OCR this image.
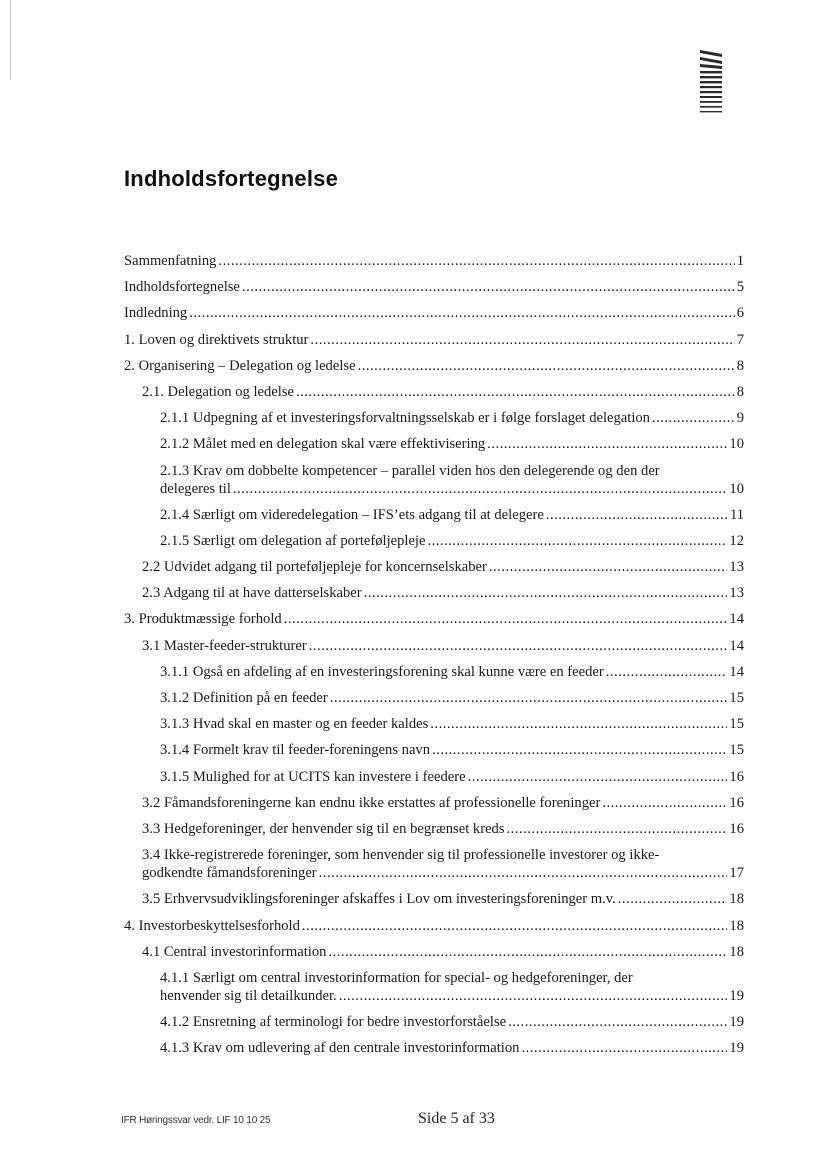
Indholdsfortegnelse
Sammenfatning .....	1
Indholdsfortegnelse .....	5
Indledning .....	6
1. Loven og direktivets struktur .....	7
2. Organisering – Delegation og ledelse .....	8
2.1. Delegation og ledelse .....	8
2.1.1 Udpegning af et investeringsforvaltningsselskab er i følge forslaget delegation .....	9
2.1.2 Målet med en delegation skal være effektivisering .....	10
2.1.3 Krav om dobbelte kompetencer – parallel viden hos den delegerende og den der
delegeres til .....	10
2.1.4 Særligt om videredelegation – IFS’ets adgang til at delegere .....	11
2.1.5 Særligt om delegation af porteføljepleje .....	12
2.2 Udvidet adgang til porteføljepleje for koncernselskaber .....	13
2.3 Adgang til at have datterselskaber .....	13
3. Produktmæssige forhold .....	14
3.1 Master-feeder-strukturer .....	14
3.1.1 Også en afdeling af en investeringsforening skal kunne være en feeder .....	14
3.1.2 Definition på en feeder .....	15
3.1.3 Hvad skal en master og en feeder kaldes .....	15
3.1.4 Formelt krav til feeder-foreningens navn .....	15
3.1.5 Mulighed for at UCITS kan investere i feedere .....	16
3.2 Fåmandsforeningerne kan endnu ikke erstattes af professionelle foreninger .....	16
3.3 Hedgeforeninger, der henvender sig til en begrænset kreds .....	16
3.4 Ikke-registrerede foreninger, som henvender sig til professionelle investorer og ikke-
godkendte fåmandsforeninger .....	17
3.5 Erhvervsudviklingsforeninger afskaffes i Lov om investeringsforeninger m.v. .....	18
4. Investorbeskyttelsesforhold .....	18
4.1 Central investorinformation .....	18
4.1.1 Særligt om central investorinformation for special- og hedgeforeninger, der
henvender sig til detailkunder. .....	19
4.1.2 Ensretning af terminologi for bedre investorforståelse .....	19
4.1.3 Krav om udlevering af den centrale investorinformation .....	19
IFR Høringssvar vedr. LIF 10 10 25	Side 5 af 33
